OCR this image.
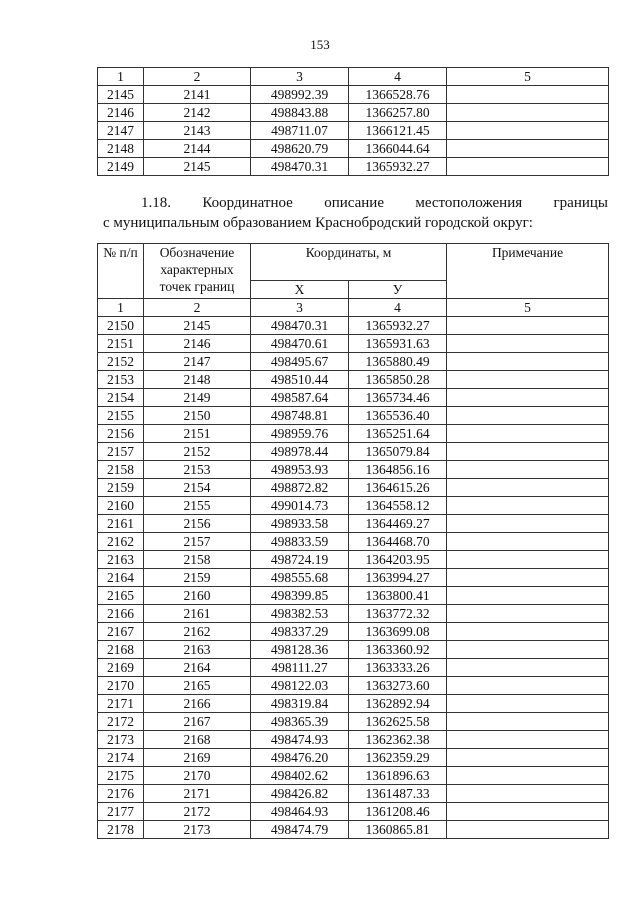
153
1	2	3	4	5
2145	2141	498992.39	1366528.76	
2146	2142	498843.88	1366257.80	
2147	2143	498711.07	1366121.45	
2148	2144	498620.79	1366044.64	
2149	2145	498470.31	1365932.27	
1.18. Координатное описание местоположения границы
с муниципальным образованием Краснобродский городской округ:
№ п/п	Обозначение характерных точек границ	Координаты, м		Примечание
		Х	У	
1	2	3	4	5
2150	2145	498470.31	1365932.27	
2151	2146	498470.61	1365931.63	
2152	2147	498495.67	1365880.49	
2153	2148	498510.44	1365850.28	
2154	2149	498587.64	1365734.46	
2155	2150	498748.81	1365536.40	
2156	2151	498959.76	1365251.64	
2157	2152	498978.44	1365079.84	
2158	2153	498953.93	1364856.16	
2159	2154	498872.82	1364615.26	
2160	2155	499014.73	1364558.12	
2161	2156	498933.58	1364469.27	
2162	2157	498833.59	1364468.70	
2163	2158	498724.19	1364203.95	
2164	2159	498555.68	1363994.27	
2165	2160	498399.85	1363800.41	
2166	2161	498382.53	1363772.32	
2167	2162	498337.29	1363699.08	
2168	2163	498128.36	1363360.92	
2169	2164	498111.27	1363333.26	
2170	2165	498122.03	1363273.60	
2171	2166	498319.84	1362892.94	
2172	2167	498365.39	1362625.58	
2173	2168	498474.93	1362362.38	
2174	2169	498476.20	1362359.29	
2175	2170	498402.62	1361896.63	
2176	2171	498426.82	1361487.33	
2177	2172	498464.93	1361208.46	
2178	2173	498474.79	1360865.81	
